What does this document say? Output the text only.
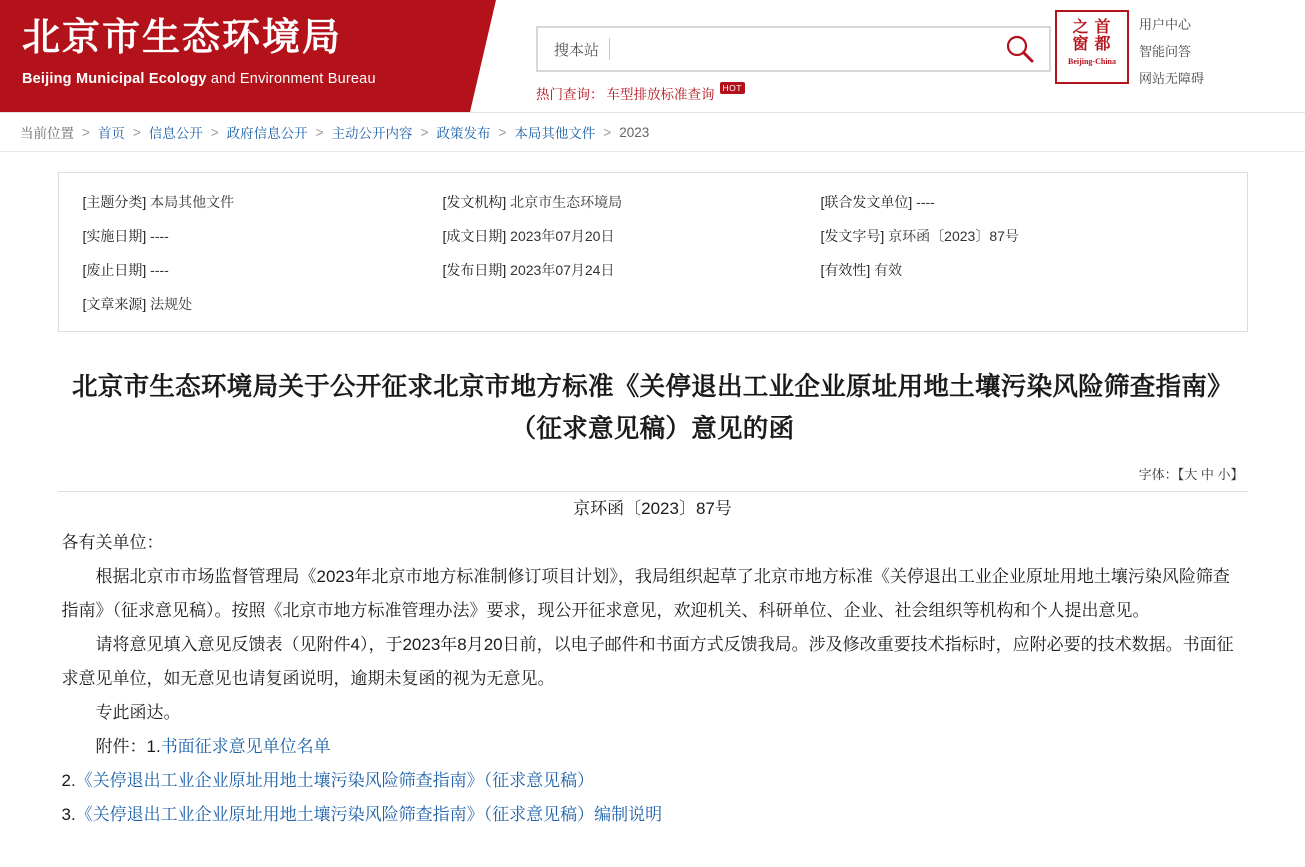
北京市生态环境局
Beijing Municipal Ecology and Environment Bureau
搜本站
热门查询： 车型排放标准查询 HOT
之 首
窗 都
Beijing-China
用户中心
智能问答
网站无障碍
当前位置 > 首页 > 信息公开 > 政府信息公开 > 主动公开内容 > 政策发布 > 本局其他文件 > 2023
[主题分类] 本局其他文件	[发文机构] 北京市生态环境局	[联合发文单位] ----
[实施日期] ----	[成文日期] 2023年07月20日	[发文字号] 京环函〔2023〕87号
[废止日期] ----	[发布日期] 2023年07月24日	[有效性] 有效
[文章来源] 法规处
北京市生态环境局关于公开征求北京市地方标准《关停退出工业企业原址用地土壤污染风险筛查指南》（征求意见稿）意见的函
字体：【大 中 小】

京环函〔2023〕87号

各有关单位：

根据北京市市场监督管理局《2023年北京市地方标准制修订项目计划》，我局组织起草了北京市地方标准《关停退出工业企业原址用地土壤污染风险筛查指南》（征求意见稿）。按照《北京市地方标准管理办法》要求，现公开征求意见，欢迎机关、科研单位、企业、社会组织等机构和个人提出意见。

请将意见填入意见反馈表（见附件4），于2023年8月20日前，以电子邮件和书面方式反馈我局。涉及修改重要技术指标时，应附必要的技术数据。书面征求意见单位，如无意见也请复函说明，逾期未复函的视为无意见。

专此函达。

附件：1.书面征求意见单位名单

2.《关停退出工业企业原址用地土壤污染风险筛查指南》（征求意见稿）

3.《关停退出工业企业原址用地土壤污染风险筛查指南》（征求意见稿）编制说明
